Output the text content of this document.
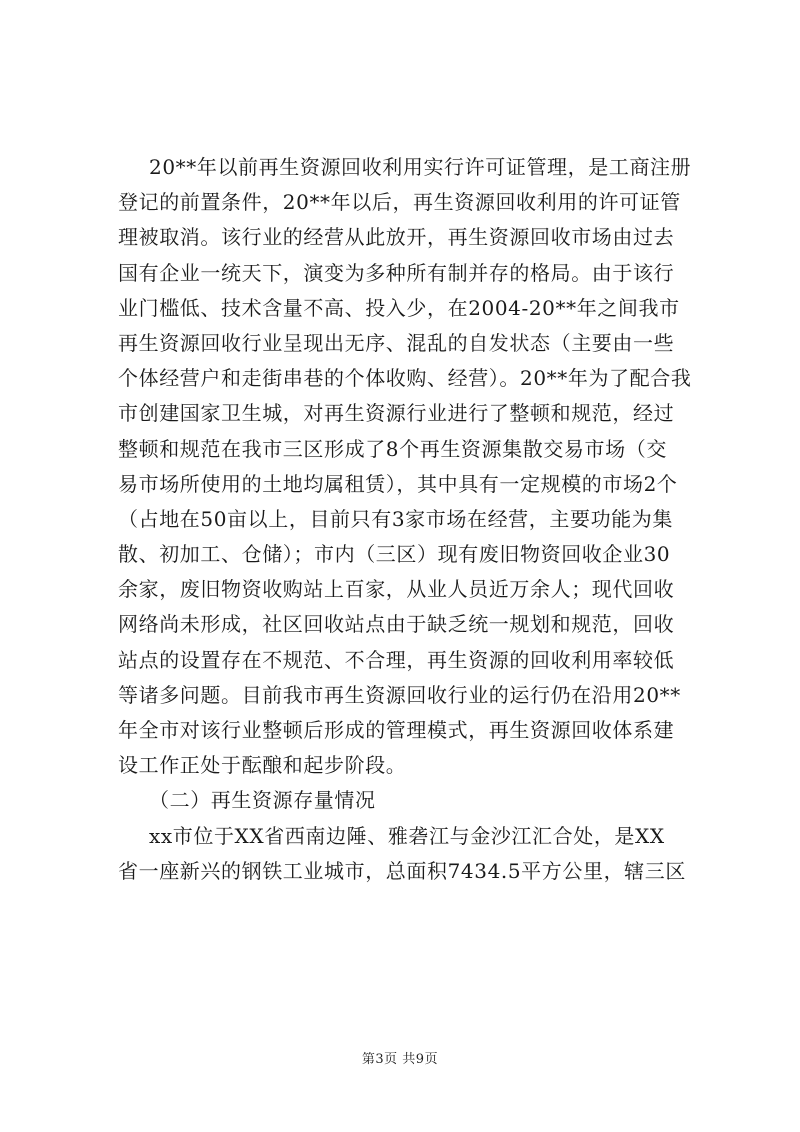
20**年以前再生资源回收利用实行许可证管理，是工商注册
登记的前置条件，20**年以后，再生资源回收利用的许可证管
理被取消。该行业的经营从此放开，再生资源回收市场由过去
国有企业一统天下，演变为多种所有制并存的格局。由于该行
业门槛低、技术含量不高、投入少，在2004-20**年之间我市
再生资源回收行业呈现出无序、混乱的自发状态（主要由一些
个体经营户和走街串巷的个体收购、经营）。20**年为了配合我
市创建国家卫生城，对再生资源行业进行了整顿和规范，经过
整顿和规范在我市三区形成了8个再生资源集散交易市场（交
易市场所使用的土地均属租赁），其中具有一定规模的市场2个
（占地在50亩以上，目前只有3家市场在经营，主要功能为集
散、初加工、仓储）；市内（三区）现有废旧物资回收企业30
余家，废旧物资收购站上百家，从业人员近万余人；现代回收
网络尚未形成，社区回收站点由于缺乏统一规划和规范，回收
站点的设置存在不规范、不合理，再生资源的回收利用率较低
等诸多问题。目前我市再生资源回收行业的运行仍在沿用20**
年全市对该行业整顿后形成的管理模式，再生资源回收体系建
设工作正处于酝酿和起步阶段。
（二）再生资源存量情况
xx市位于XX省西南边陲、雅砻江与金沙江汇合处，是XX
省一座新兴的钢铁工业城市，总面积7434.5平方公里，辖三区
第3页 共9页
